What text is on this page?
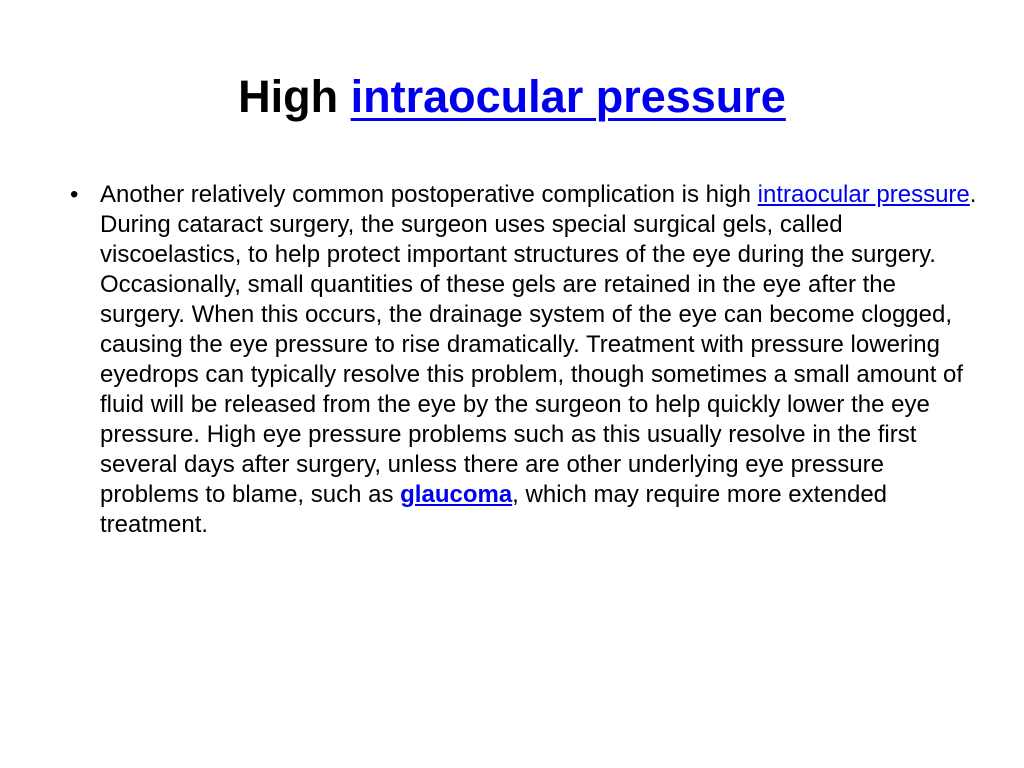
High intraocular pressure
• Another relatively common postoperative complication is high intraocular pressure. During cataract surgery, the surgeon uses special surgical gels, called viscoelastics, to help protect important structures of the eye during the surgery. Occasionally, small quantities of these gels are retained in the eye after the surgery. When this occurs, the drainage system of the eye can become clogged, causing the eye pressure to rise dramatically. Treatment with pressure lowering eyedrops can typically resolve this problem, though sometimes a small amount of fluid will be released from the eye by the surgeon to help quickly lower the eye pressure. High eye pressure problems such as this usually resolve in the first several days after surgery, unless there are other underlying eye pressure problems to blame, such as glaucoma, which may require more extended treatment.
